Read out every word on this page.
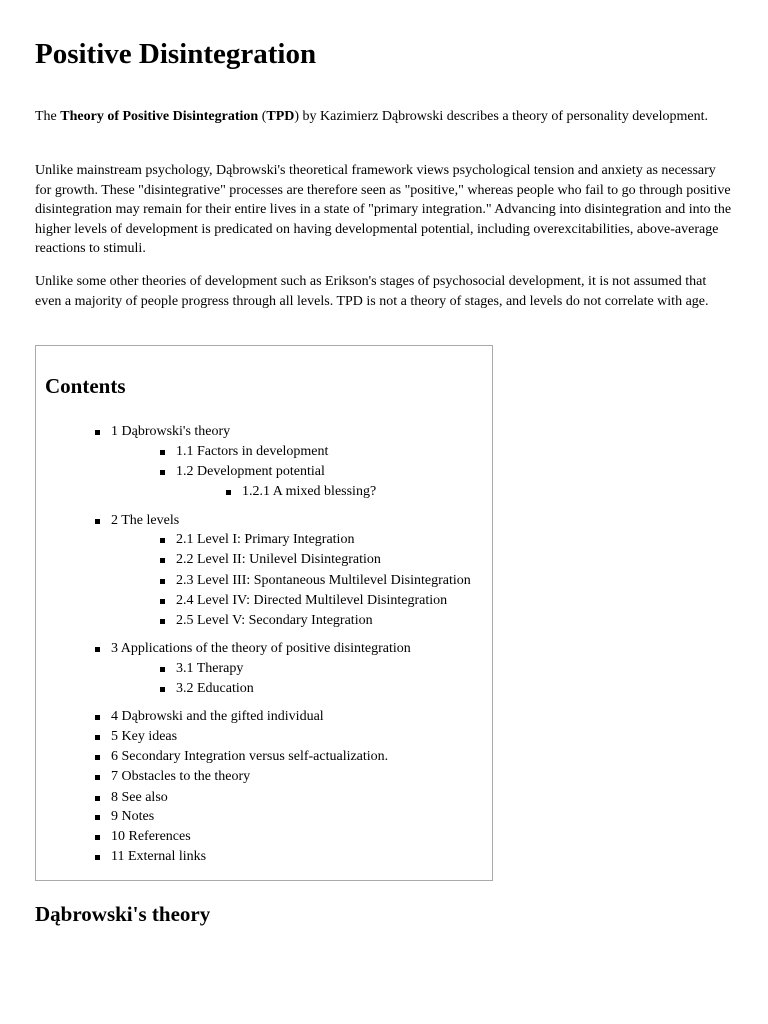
Positive Disintegration

The Theory of Positive Disintegration (TPD) by Kazimierz Dąbrowski describes a theory of personality development.

Unlike mainstream psychology, Dąbrowski's theoretical framework views psychological tension and anxiety as necessary for growth. These "disintegrative" processes are therefore seen as "positive," whereas people who fail to go through positive disintegration may remain for their entire lives in a state of "primary integration." Advancing into disintegration and into the higher levels of development is predicated on having developmental potential, including overexcitabilities, above-average reactions to stimuli.

Unlike some other theories of development such as Erikson's stages of psychosocial development, it is not assumed that even a majority of people progress through all levels. TPD is not a theory of stages, and levels do not correlate with age.

Contents
1 Dąbrowski's theory
1.1 Factors in development
1.2 Development potential
1.2.1 A mixed blessing?
2 The levels
2.1 Level I: Primary Integration
2.2 Level II: Unilevel Disintegration
2.3 Level III: Spontaneous Multilevel Disintegration
2.4 Level IV: Directed Multilevel Disintegration
2.5 Level V: Secondary Integration
3 Applications of the theory of positive disintegration
3.1 Therapy
3.2 Education
4 Dąbrowski and the gifted individual
5 Key ideas
6 Secondary Integration versus self-actualization.
7 Obstacles to the theory
8 See also
9 Notes
10 References
11 External links
Dąbrowski's theory
